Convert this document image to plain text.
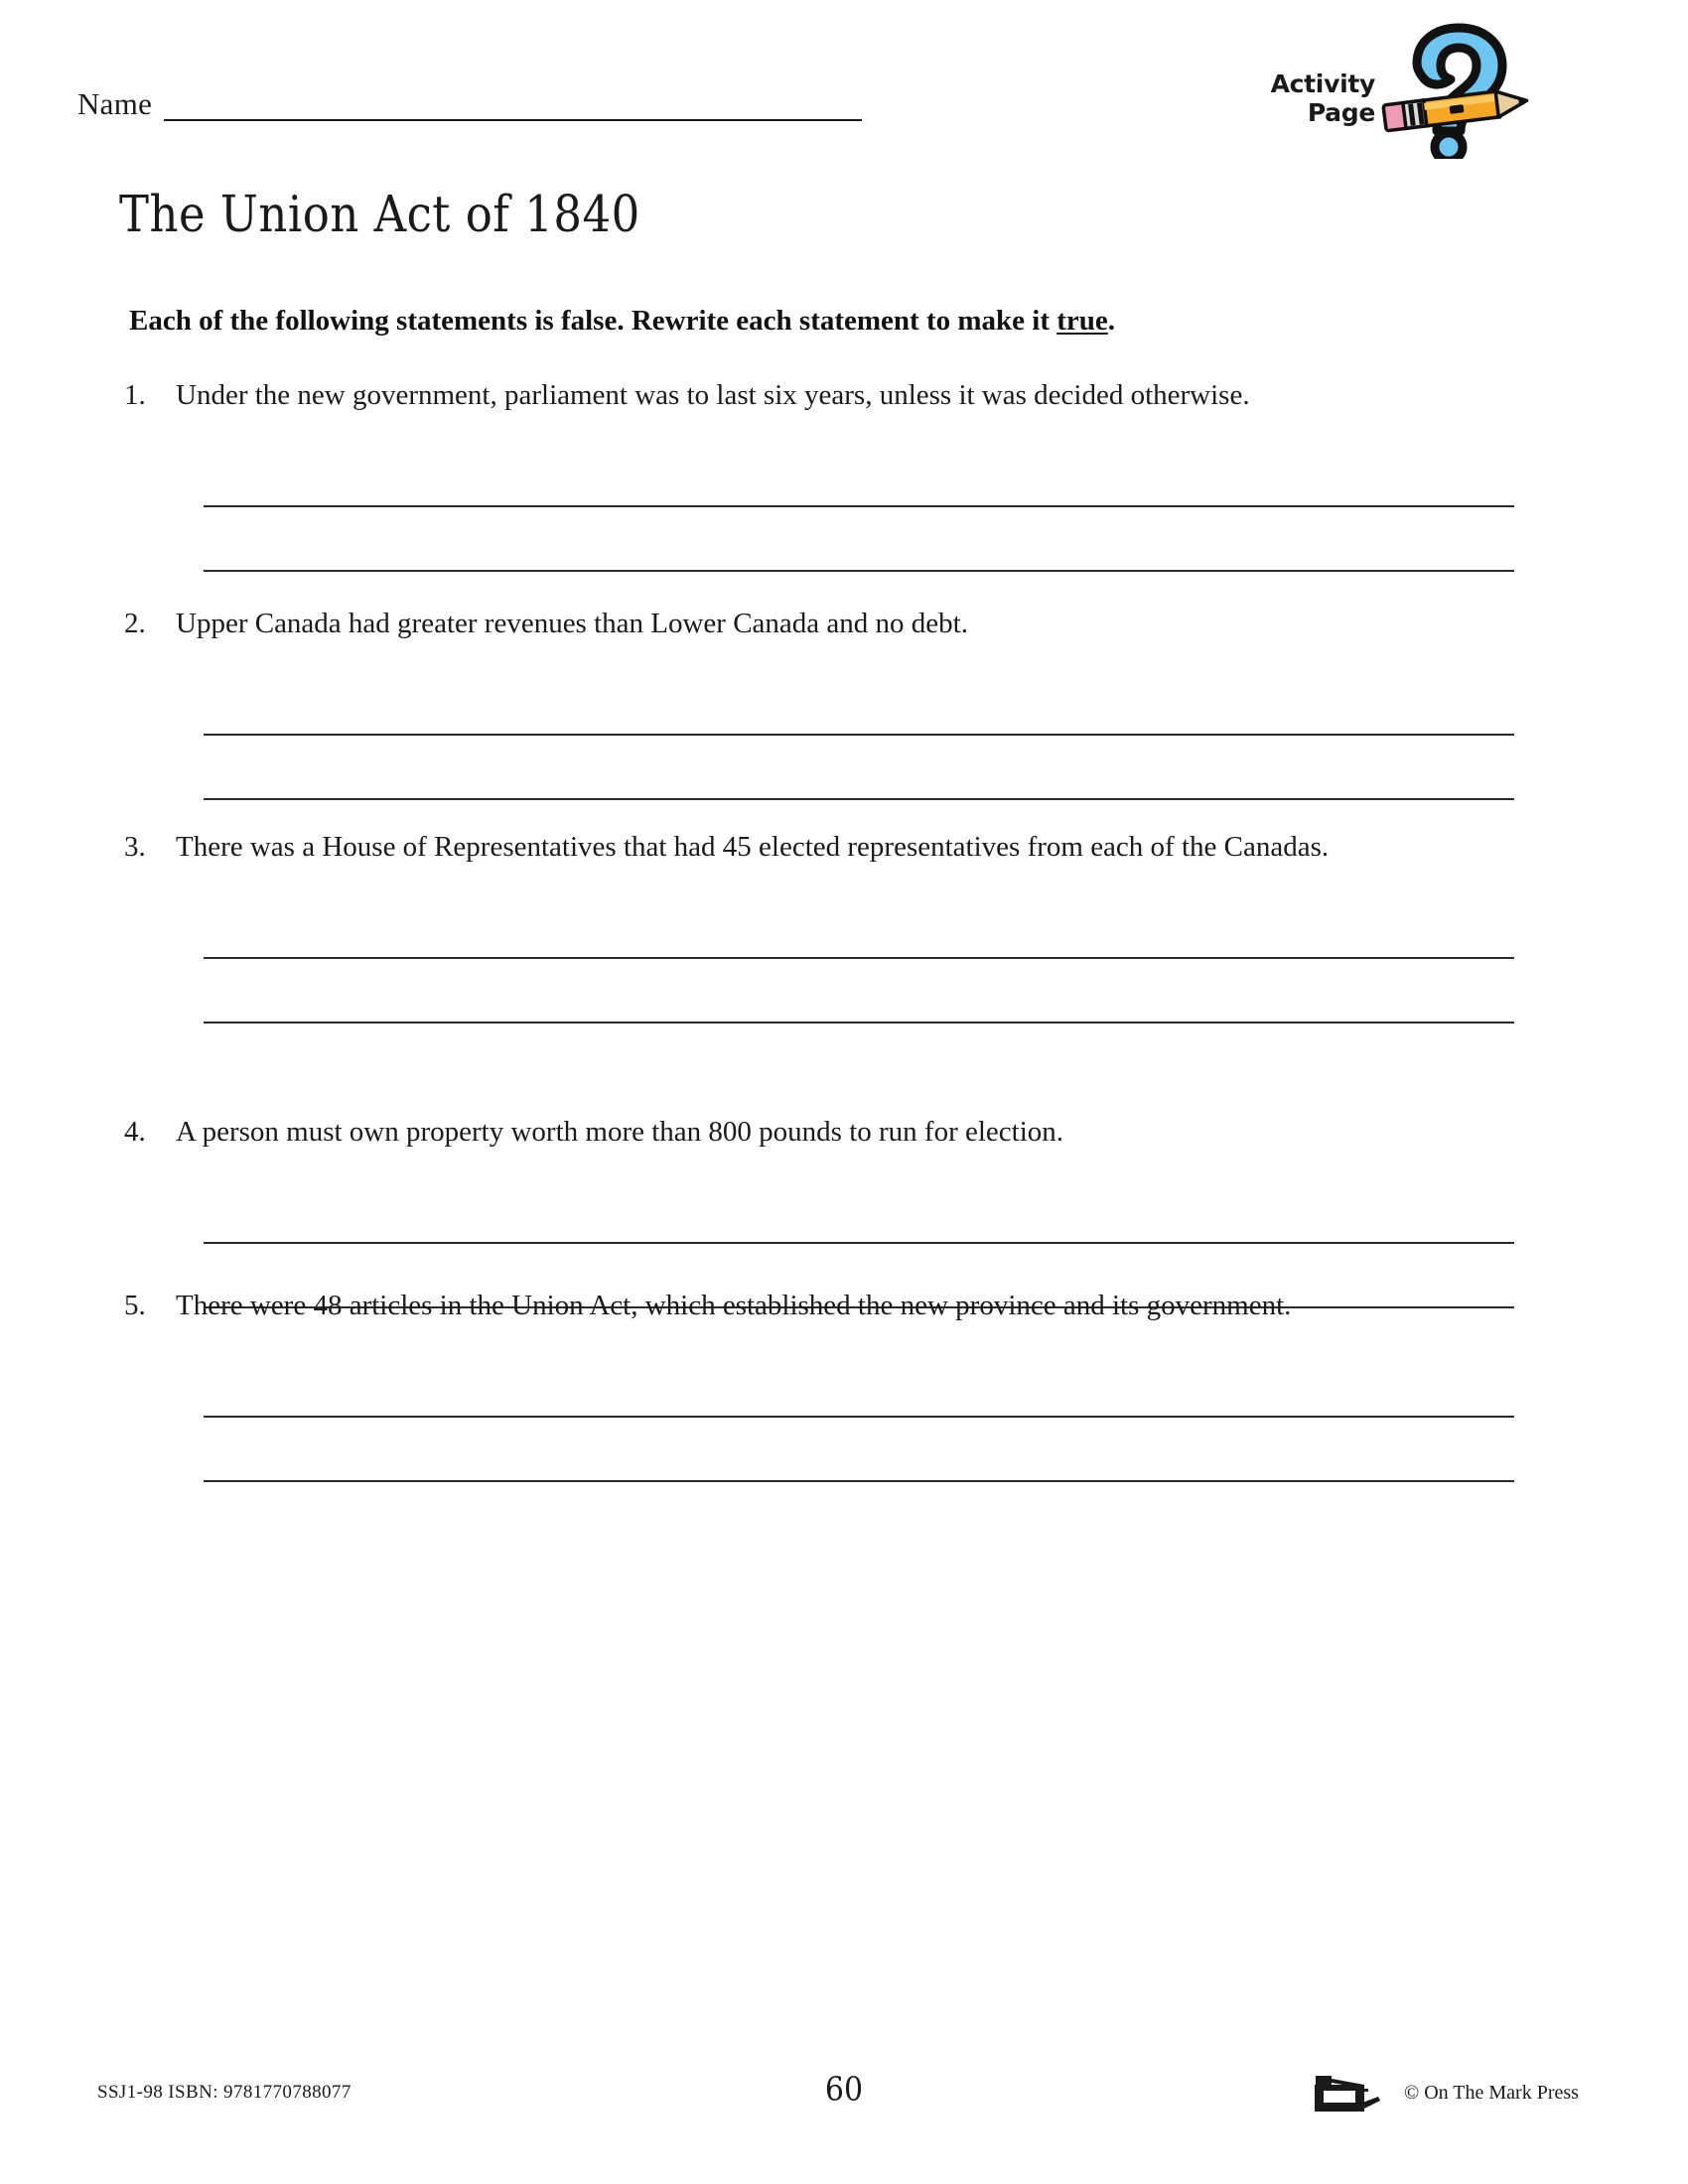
Name
Activity
Page
The Union Act of 1840

Each of the following statements is false. Rewrite each statement to make it true.

1.	Under the new government, parliament was to last six years, unless it was decided otherwise.
2.	Upper Canada had greater revenues than Lower Canada and no debt.
3.	There was a House of Representatives that had 45 elected representatives from each of the Canadas.
4.	A person must own property worth more than 800 pounds to run for election.
5.	There were 48 articles in the Union Act, which established the new province and its government.
SSJ1-98 ISBN: 9781770788077	60	© On The Mark Press
